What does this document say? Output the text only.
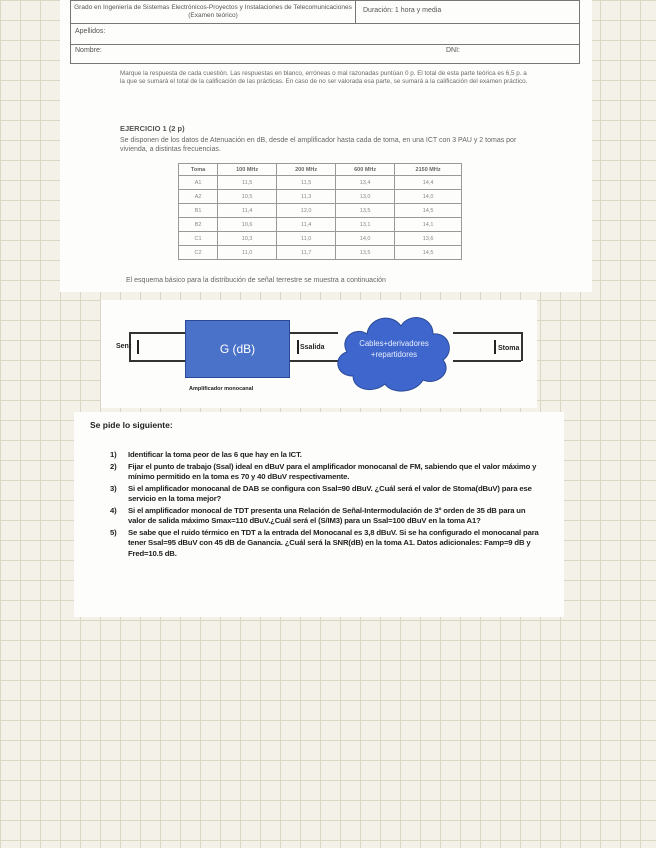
Grado en Ingeniería de Sistemas Electrónicos-Proyectos y Instalaciones de Telecomunicaciones (Examen teórico)
Duración: 1 hora y media
Apellidos:
Nombre:	DNI:
Marque la respuesta de cada cuestión. Las respuestas en blanco, erróneas o mal razonadas puntúan 0 p. El total de esta parte teórica es 6,5 p. a la que se sumará el total de la calificación de las prácticas. En caso de no ser valorada esa parte, se sumará a la calificación del examen práctico.
EJERCICIO 1 (2 p)
Se disponen de los datos de Atenuación en dB, desde el amplificador hasta cada de toma, en una ICT con 3 PAU y 2 tomas por vivienda, a distintas frecuencias.
Toma	100 MHz	200 MHz	600 MHz	2150 MHz
A1	11,5	11,5	13,4	14,4
A2	10,5	11,3	13,0	14,0
B1	11,4	12,0	13,5	14,5
B2	10,6	11,4	13,1	14,1
C1	10,3	11,0	14,0	13,6
C2	11,0	11,7	13,5	14,5
El esquema básico para la distribución de señal terrestre se muestra a continuación
Sent	G (dB)	Ssalida	Cables+derivadores
+repartidores
Stoma
Amplificador monocanal
Se pide lo siguiente:
1) Identificar la toma peor de las 6 que hay en la ICT.
2) Fijar el punto de trabajo (Ssal) ideal en dBuV para el amplificador monocanal de FM, sabiendo que el valor máximo y mínimo permitido en la toma es 70 y 40 dBuV respectivamente.
3) Si el amplificador monocanal de DAB se configura con Ssal=90 dBuV. ¿Cuál será el valor de Stoma(dBuV) para ese servicio en la toma mejor?
4) Si el amplificador monocal de TDT presenta una Relación de Señal-Intermodulación de 3º orden de 35 dB para un valor de salida máximo Smax=110 dBuV.¿Cuál será el (S/IM3) para un Ssal=100 dBuV en la toma A1?
5) Se sabe que el ruido térmico en TDT a la entrada del Monocanal es 3,8 dBuV. Si se ha configurado el monocanal para tener Ssal=95 dBuV con 45 dB de Ganancia. ¿Cuál será la SNR(dB) en la toma A1. Datos adicionales: Famp=9 dB y Fred=10.5 dB.
